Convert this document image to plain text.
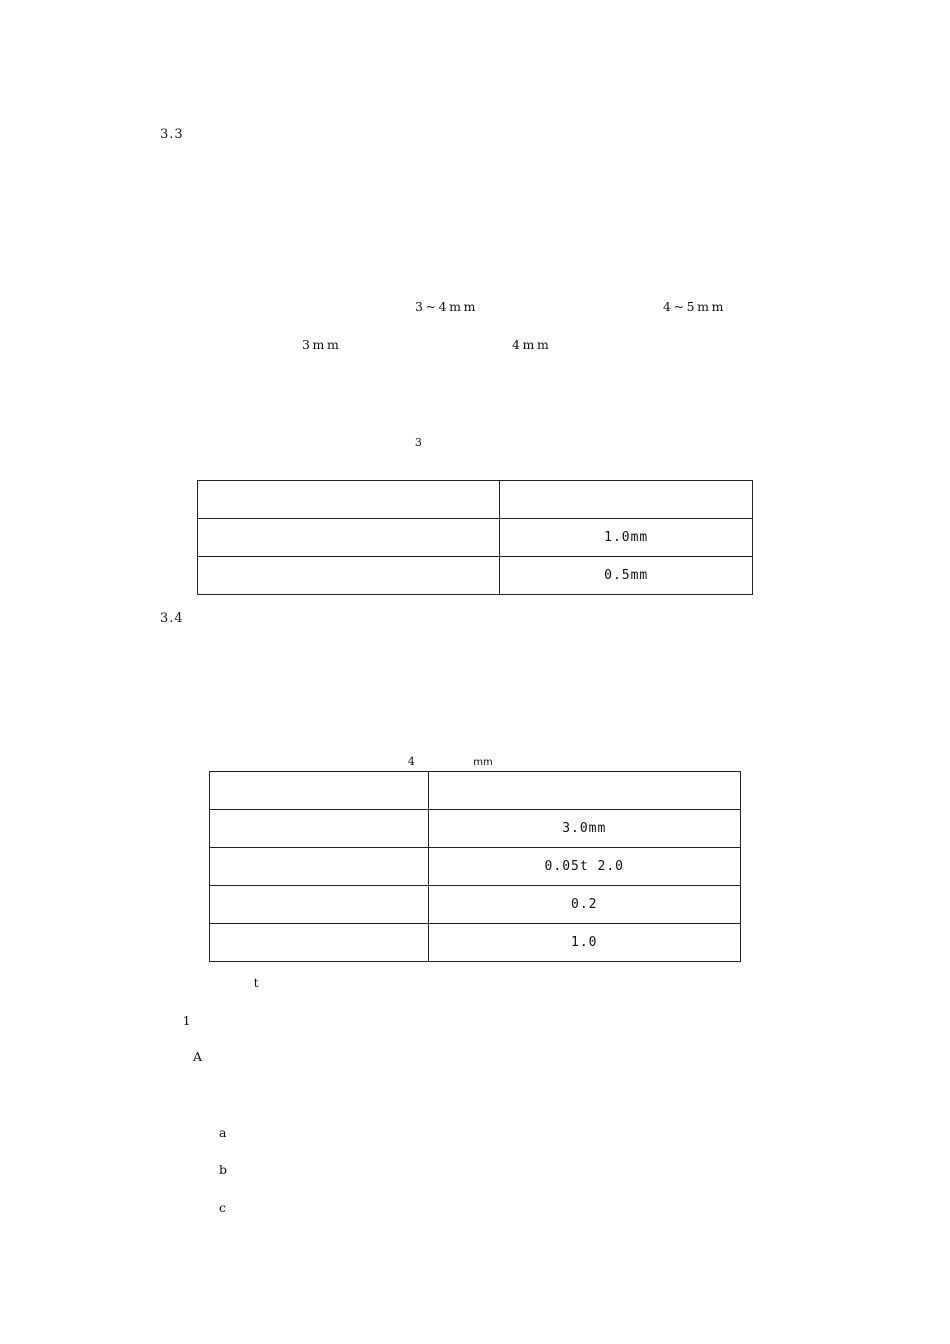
3.3
3~4mm	4~5mm
3mm	4mm
3

	1.0mm
	0.5mm
3.4
4	mm

	3.0mm
	0.05t 2.0
	0.2
	1.0
t
1
A
a
b
c
